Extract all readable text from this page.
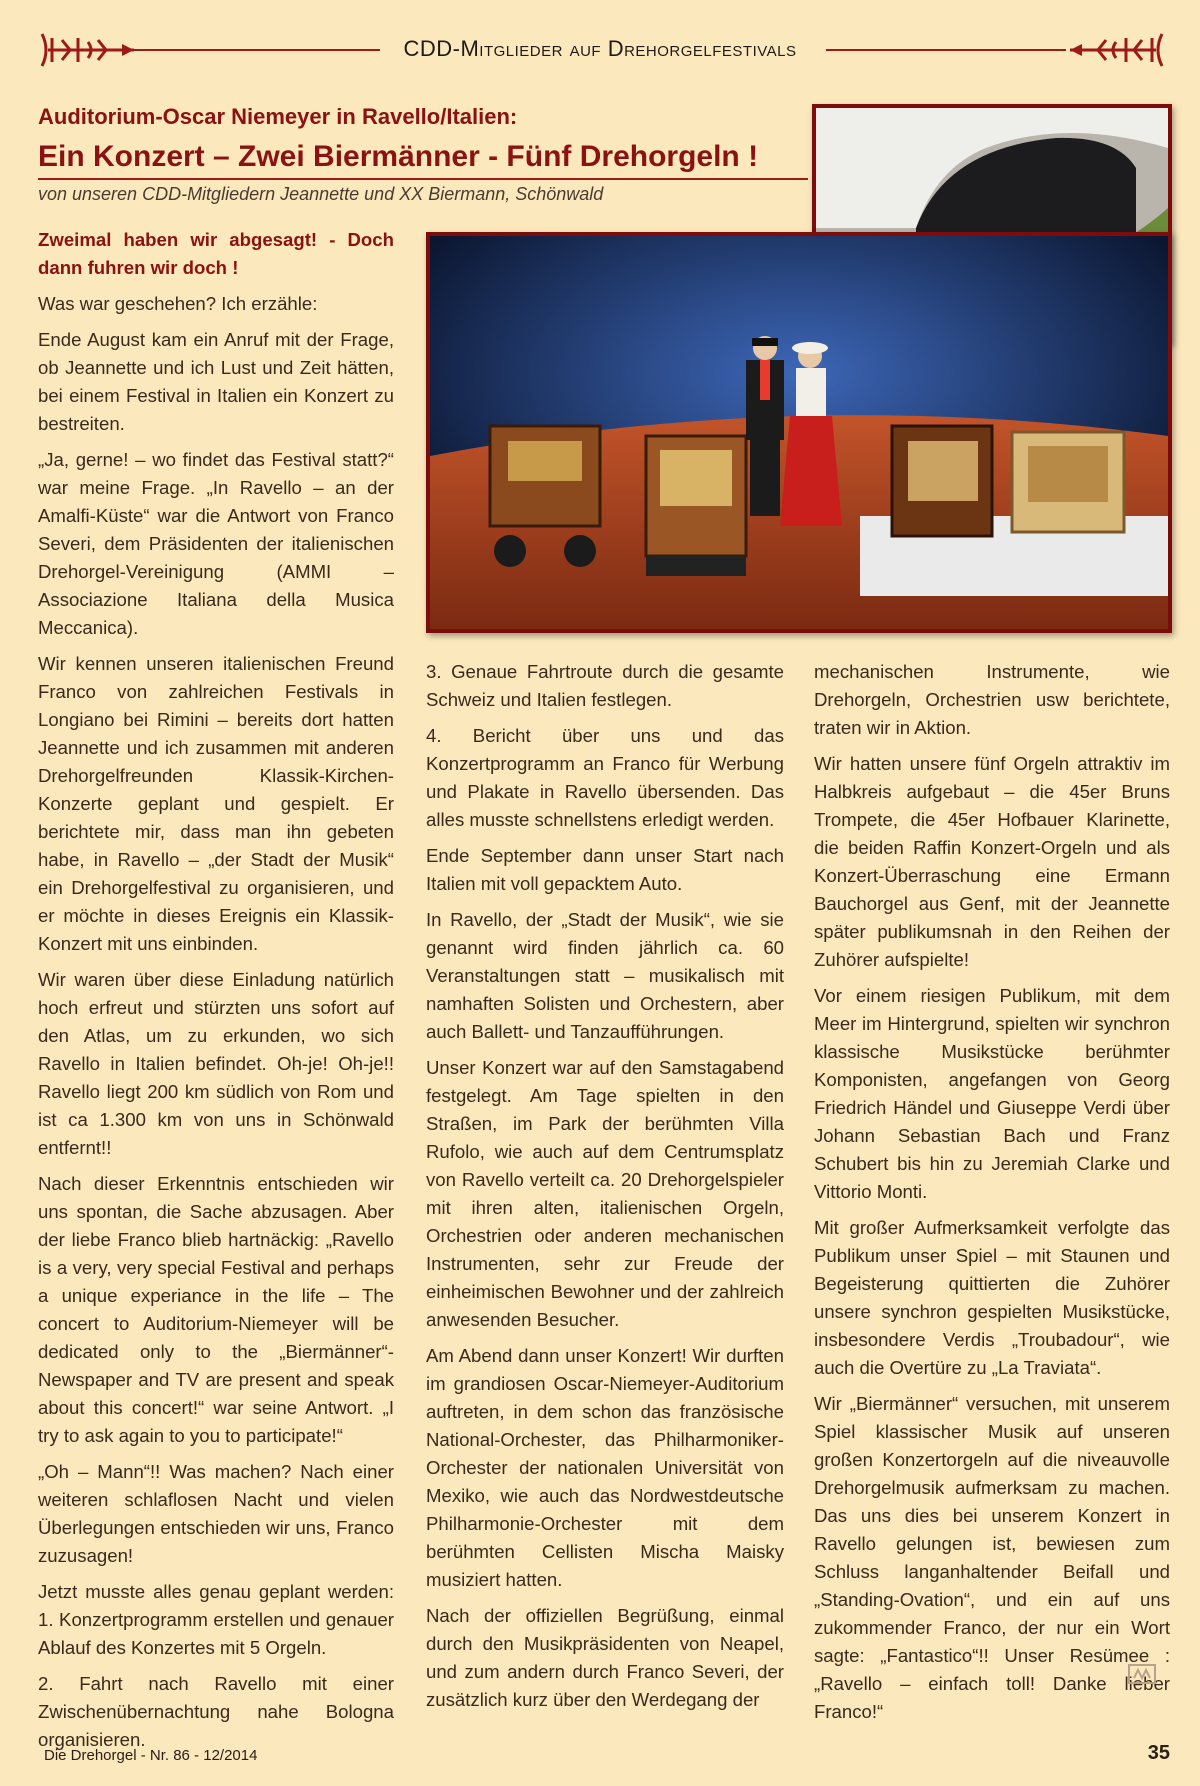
CDD-Mitglieder auf Drehorgelfestivals
Auditorium-Oscar Niemeyer in Ravello/Italien:
Ein Konzert – Zwei Biermänner - Fünf Drehorgeln !
von unseren CDD-Mitgliedern Jeannette und XX Biermann, Schönwald

Zweimal haben wir abgesagt! - Doch dann fuhren wir doch !

Was war geschehen? Ich erzähle:

Ende August kam ein Anruf mit der Frage, ob Jeannette und ich Lust und Zeit hätten, bei einem Festival in Italien ein Konzert zu bestreiten.

„Ja, gerne! – wo findet das Festival statt?“ war meine Frage. „In Ravello – an der Amalfi-Küste“ war die Antwort von Franco Severi, dem Präsidenten der italienischen Drehorgel-Vereinigung (AMMI – Associazione Italiana della Musica Meccanica).

Wir kennen unseren italienischen Freund Franco von zahlreichen Festivals in Longiano bei Rimini – bereits dort hatten Jeannette und ich zusammen mit anderen Drehorgelfreunden Klassik-Kirchen-Konzerte geplant und gespielt. Er berichtete mir, dass man ihn gebeten habe, in Ravello – „der Stadt der Musik“ ein Drehorgelfestival zu organisieren, und er möchte in dieses Ereignis ein Klassik-Konzert mit uns einbinden.

Wir waren über diese Einladung natürlich hoch erfreut und stürzten uns sofort auf den Atlas, um zu erkunden, wo sich Ravello in Italien befindet. Oh-je! Oh-je!! Ravello liegt 200 km südlich von Rom und ist ca 1.300 km von uns in Schönwald entfernt!!

Nach dieser Erkenntnis entschieden wir uns spontan, die Sache abzusagen. Aber der liebe Franco blieb hartnäckig: „Ravello is a very, very special Festival and perhaps a unique experiance in the life – The concert to Auditorium-Niemeyer will be dedicated only to the „Biermänner“-Newspaper and TV are present and speak about this concert!“ war seine Antwort. „I try to ask again to you to participate!“

„Oh – Mann“!! Was machen? Nach einer weiteren schlaflosen Nacht und vielen Überlegungen entschieden wir uns, Franco zuzusagen!

Jetzt musste alles genau geplant werden: 1. Konzertprogramm erstellen und genauer Ablauf des Konzertes mit 5 Orgeln.

2. Fahrt nach Ravello mit einer Zwischenübernachtung nahe Bologna organisieren.

3. Genaue Fahrtroute durch die gesamte Schweiz und Italien festlegen.

4. Bericht über uns und das Konzertprogramm an Franco für Werbung und Plakate in Ravello übersenden. Das alles musste schnellstens erledigt werden.

Ende September dann unser Start nach Italien mit voll gepacktem Auto.

In Ravello, der „Stadt der Musik“, wie sie genannt wird finden jährlich ca. 60 Veranstaltungen statt – musikalisch mit namhaften Solisten und Orchestern, aber auch Ballett- und Tanzaufführungen.

Unser Konzert war auf den Samstagabend festgelegt. Am Tage spielten in den Straßen, im Park der berühmten Villa Rufolo, wie auch auf dem Centrumsplatz von Ravello verteilt ca. 20 Drehorgelspieler mit ihren alten, italienischen Orgeln, Orchestrien oder anderen mechanischen Instrumenten, sehr zur Freude der einheimischen Bewohner und der zahlreich anwesenden Besucher.

Am Abend dann unser Konzert! Wir durften im grandiosen Oscar-Niemeyer-Auditorium auftreten, in dem schon das französische National-Orchester, das Philharmoniker-Orchester der nationalen Universität von Mexiko, wie auch das Nordwestdeutsche Philharmonie-Orchester mit dem berühmten Cellisten Mischa Maisky musiziert hatten.

Nach der offiziellen Begrüßung, einmal durch den Musikpräsidenten von Neapel, und zum andern durch Franco Severi, der zusätzlich kurz über den Werdegang der

mechanischen Instrumente, wie Drehorgeln, Orchestrien usw berichtete, traten wir in Aktion.

Wir hatten unsere fünf Orgeln attraktiv im Halbkreis aufgebaut – die 45er Bruns Trompete, die 45er Hofbauer Klarinette, die beiden Raffin Konzert-Orgeln und als Konzert-Überraschung eine Ermann Bauchorgel aus Genf, mit der Jeannette später publikumsnah in den Reihen der Zuhörer aufspielte!

Vor einem riesigen Publikum, mit dem Meer im Hintergrund, spielten wir synchron klassische Musikstücke berühmter Komponisten, angefangen von Georg Friedrich Händel und Giuseppe Verdi über Johann Sebastian Bach und Franz Schubert bis hin zu Jeremiah Clarke und Vittorio Monti.

Mit großer Aufmerksamkeit verfolgte das Publikum unser Spiel – mit Staunen und Begeisterung quittierten die Zuhörer unsere synchron gespielten Musikstücke, insbesondere Verdis „Troubadour“, wie auch die Overtüre zu „La Traviata“.

Wir „Biermänner“ versuchen, mit unserem Spiel klassischer Musik auf unseren großen Konzertorgeln auf die niveauvolle Drehorgelmusik aufmerksam zu machen. Das uns dies bei unserem Konzert in Ravello gelungen ist, bewiesen zum Schluss langanhaltender Beifall und „Standing-Ovation“, und ein auf uns zukommender Franco, der nur ein Wort sagte: „Fantastico“!! Unser Resümee : „Ravello – einfach toll! Danke lieber Franco!“

Die Drehorgel - Nr. 86 - 12/2014	35
